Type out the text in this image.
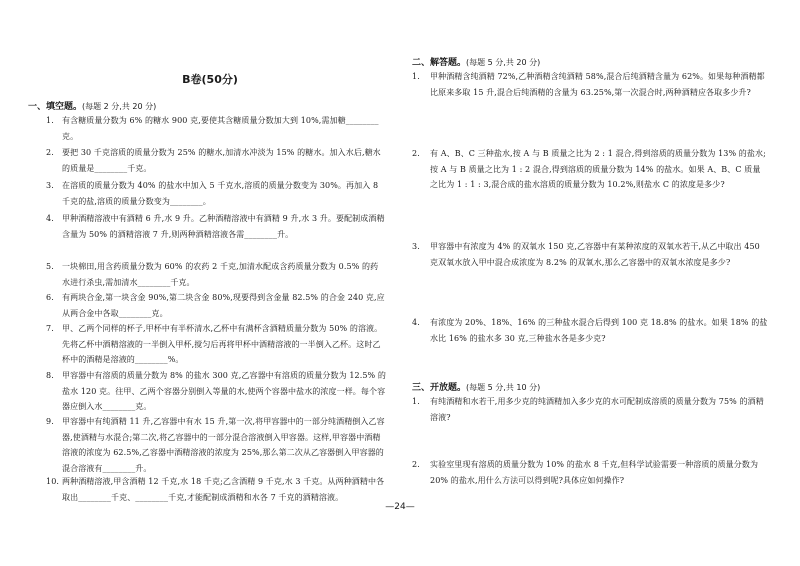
B卷(50分)
一、填空题。(每题 2 分,共 20 分)
1. 有含糖质量分数为 6% 的糖水 900 克,要使其含糖质量分数加大到 10%,需加糖________克。
2. 要把 30 千克溶质的质量分数为 25% 的糖水,加清水冲淡为 15% 的糖水。加入水后,糖水的质量是________千克。
3. 在溶质的质量分数为 40% 的盐水中加入 5 千克水,溶质的质量分数变为 30%。再加入 8 千克的盐,溶质的质量分数变为________。
4. 甲种酒精溶液中有酒精 6 升,水 9 升。乙种酒精溶液中有酒精 9 升,水 3 升。要配制成酒精含量为 50% 的酒精溶液 7 升,则两种酒精溶液各需________升。
5. 一块棉田,用含药质量分数为 60% 的农药 2 千克,加清水配成含药质量分数为 0.5% 的药水进行杀虫,需加清水________千克。
6. 有两块合金,第一块含金 90%,第二块含金 80%,现要得到含金量 82.5% 的合金 240 克,应从两合金中各取________克。
7. 甲、乙两个同样的杯子,甲杯中有半杯清水,乙杯中有满杯含酒精质量分数为 50% 的溶液。先将乙杯中酒精溶液的一半倒入甲杯,搅匀后再将甲杯中酒精溶液的一半倒入乙杯。这时乙杯中的酒精是溶液的________%。
8. 甲容器中有溶质的质量分数为 8% 的盐水 300 克,乙容器中有溶质的质量分数为 12.5% 的盐水 120 克。往甲、乙两个容器分别倒入等量的水,使两个容器中盐水的浓度一样。每个容器应倒入水________克。
9. 甲容器中有纯酒精 11 升,乙容器中有水 15 升,第一次,将甲容器中的一部分纯酒精倒入乙容器,使酒精与水混合;第二次,将乙容器中的一部分混合溶液倒入甲容器。这样,甲容器中酒精溶液的浓度为 62.5%,乙容器中酒精溶液的浓度为 25%,那么第二次从乙容器倒入甲容器的混合溶液有________升。
10. 两种酒精溶液,甲含酒精 12 千克,水 18 千克;乙含酒精 9 千克,水 3 千克。从两种酒精中各取出________千克、________千克,才能配制成酒精和水各 7 千克的酒精溶液。
二、解答题。(每题 5 分,共 20 分)
1. 甲种酒精含纯酒精 72%,乙种酒精含纯酒精 58%,混合后纯酒精含量为 62%。如果每种酒精都比原来多取 15 升,混合后纯酒精的含量为 63.25%,第一次混合时,两种酒精应各取多少升?
2. 有 A、B、C 三种盐水,按 A 与 B 质量之比为 2 : 1 混合,得到溶质的质量分数为 13% 的盐水;按 A 与 B 质量之比为 1 : 2 混合,得到溶质的质量分数为 14% 的盐水。如果 A、B、C 质量之比为 1 : 1 : 3,混合成的盐水溶质的质量分数为 10.2%,则盐水 C 的浓度是多少?
3. 甲容器中有浓度为 4% 的双氧水 150 克,乙容器中有某种浓度的双氧水若干,从乙中取出 450 克双氧水放入甲中混合成浓度为 8.2% 的双氧水,那么乙容器中的双氧水浓度是多少?
4. 有浓度为 20%、18%、16% 的三种盐水混合后得到 100 克 18.8% 的盐水。如果 18% 的盐水比 16% 的盐水多 30 克,三种盐水各是多少克?
三、开放题。(每题 5 分,共 10 分)
1. 有纯酒精和水若干,用多少克的纯酒精加入多少克的水可配制成溶质的质量分数为 75% 的酒精溶液?
2. 实验室里现有溶质的质量分数为 10% 的盐水 8 千克,但科学试验需要一种溶质的质量分数为 20% 的盐水,用什么方法可以得到呢?具体应如何操作?
—24—
